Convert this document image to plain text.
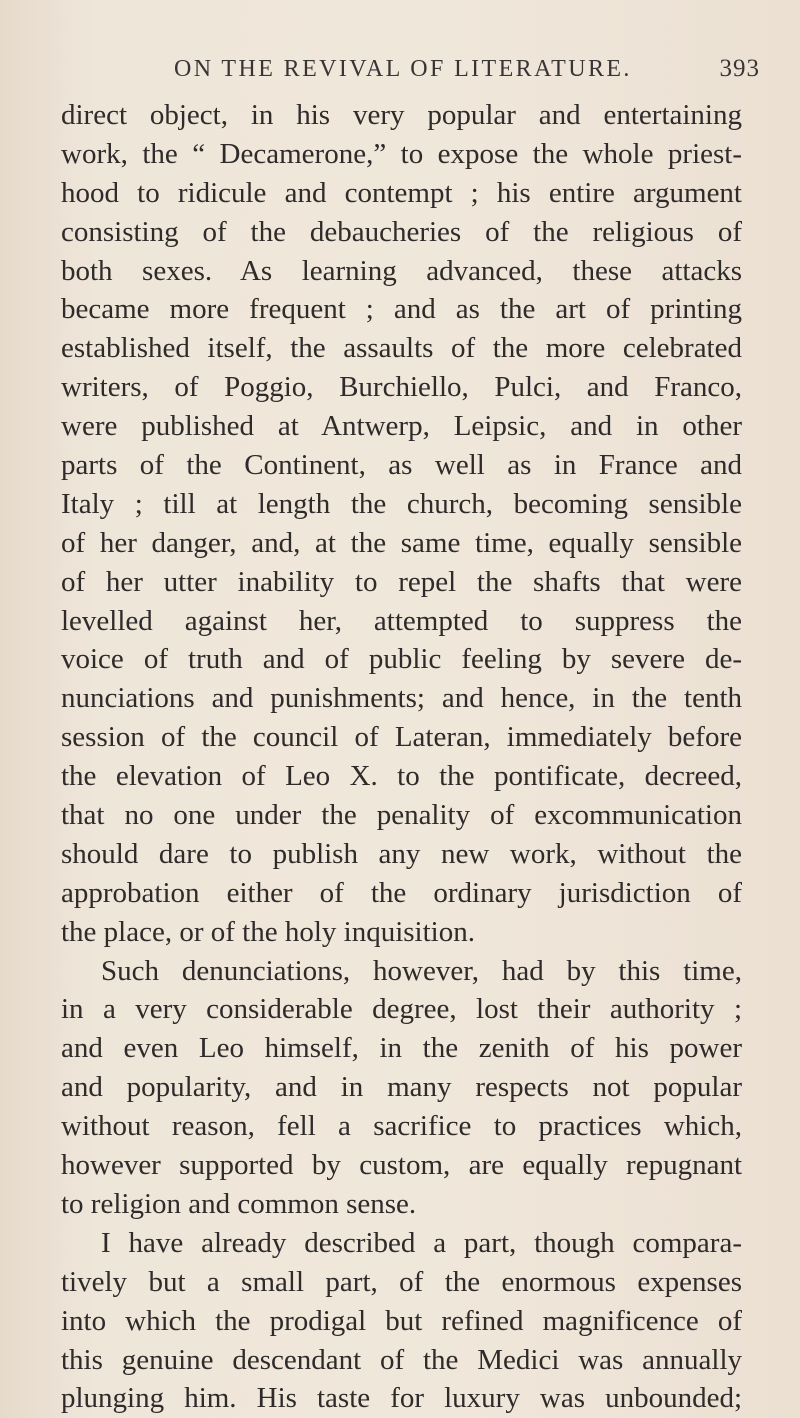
ON THE REVIVAL OF LITERATURE.	393
direct object, in his very popular and entertaining
work, the “ Decamerone,” to expose the whole priest-
hood to ridicule and contempt ; his entire argument
consisting of the debaucheries of the religious of
both sexes. As learning advanced, these attacks
became more frequent ; and as the art of printing
established itself, the assaults of the more celebrated
writers, of Poggio, Burchiello, Pulci, and Franco,
were published at Antwerp, Leipsic, and in other
parts of the Continent, as well as in France and
Italy ; till at length the church, becoming sensible
of her danger, and, at the same time, equally sensible
of her utter inability to repel the shafts that were
levelled against her, attempted to suppress the
voice of truth and of public feeling by severe de-
nunciations and punishments; and hence, in the tenth
session of the council of Lateran, immediately before
the elevation of Leo X. to the pontificate, decreed,
that no one under the penality of excommunication
should dare to publish any new work, without the
approbation either of the ordinary jurisdiction of
the place, or of the holy inquisition.
Such denunciations, however, had by this time,
in a very considerable degree, lost their authority ;
and even Leo himself, in the zenith of his power
and popularity, and in many respects not popular
without reason, fell a sacrifice to practices which,
however supported by custom, are equally repugnant
to religion and common sense.
I have already described a part, though compara-
tively but a small part, of the enormous expenses
into which the prodigal but refined magnificence of
this genuine descendant of the Medici was annually
plunging him. His taste for luxury was unbounded;
